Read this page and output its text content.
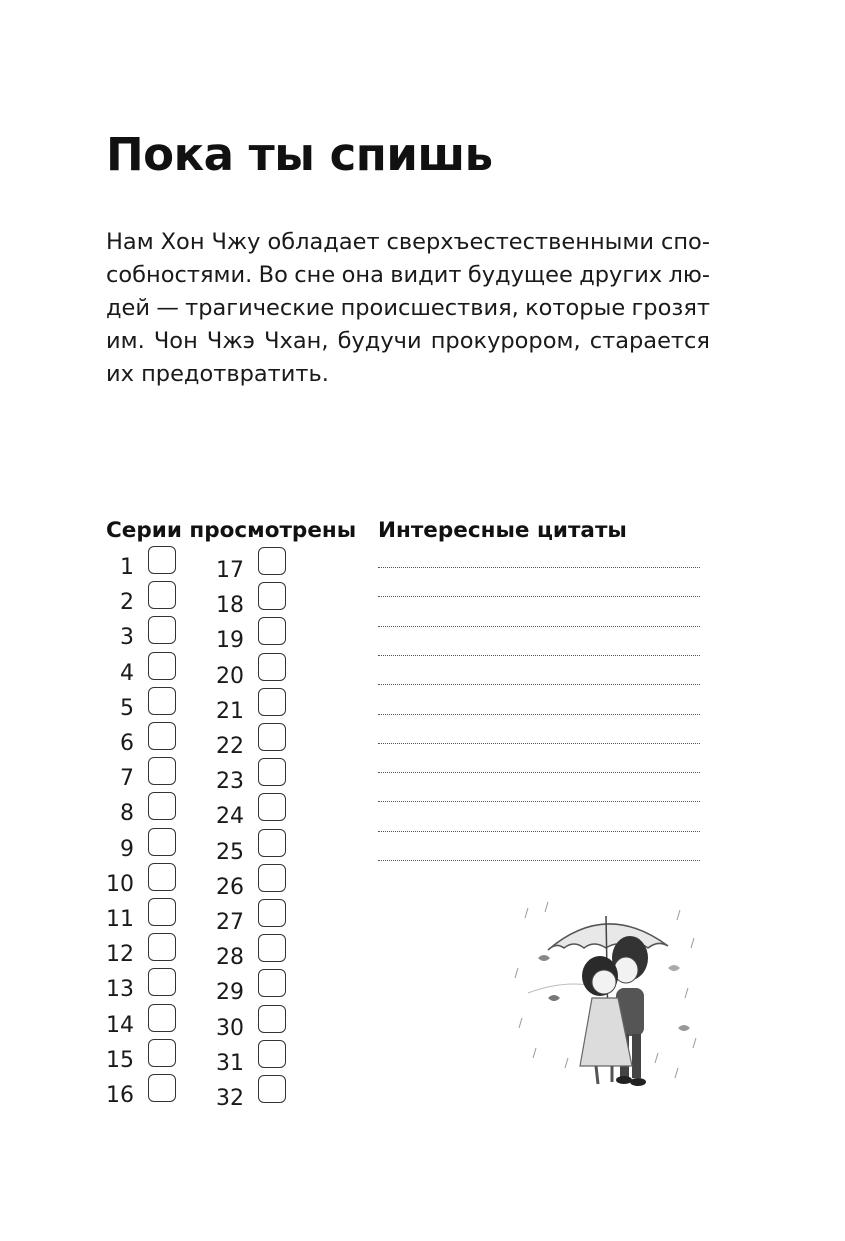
Пока ты спишь
Нам Хон Чжу обладает сверхъестественными спо-
собностями. Во сне она видит будущее других лю-
дей — трагические происшествия, которые грозят
им. Чон Чжэ Чхан, будучи прокурором, старается
их предотвратить.
Серии просмотрены Интересные цитаты
1
2
3
4
5
6
7
8
9
10
11
12
13
14
15
16
17
18
19
20
21
22
23
24
25
26
27
28
29
30
31
32
